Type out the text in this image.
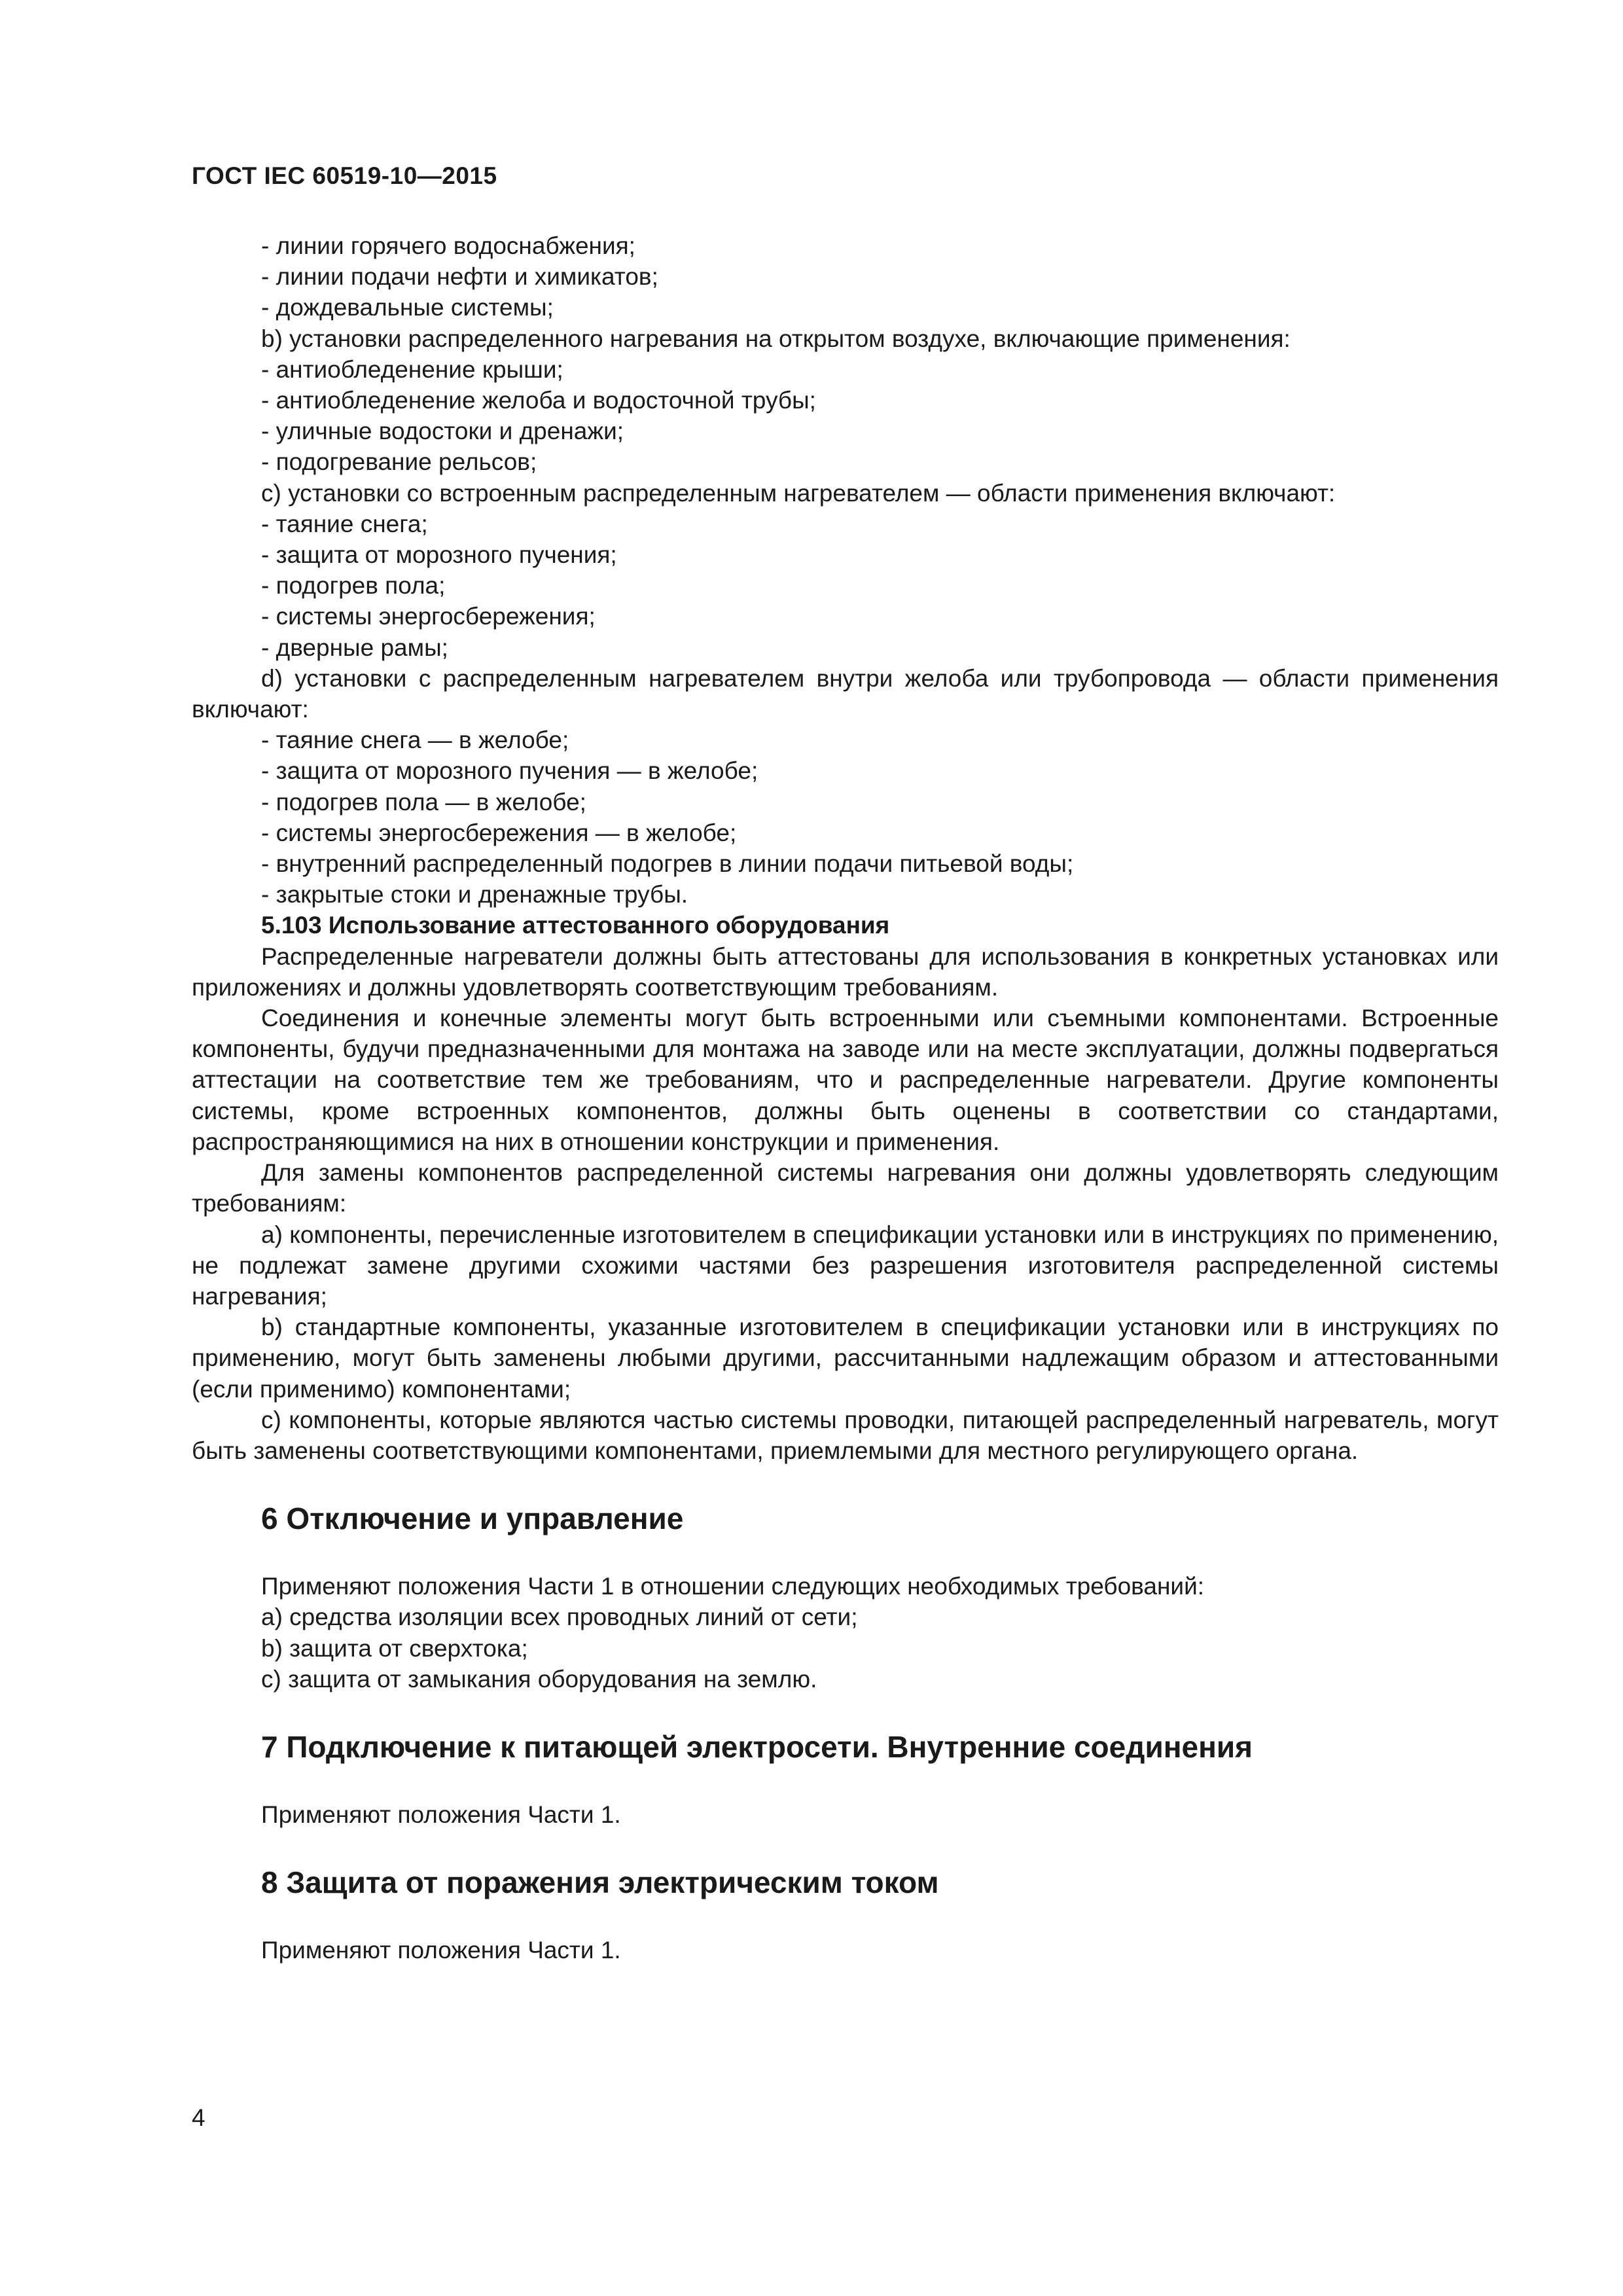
ГОСТ IEC 60519-10—2015
- линии горячего водоснабжения;
- линии подачи нефти и химикатов;
- дождевальные системы;
b) установки распределенного нагревания на открытом воздухе, включающие применения:
- антиобледенение крыши;
- антиобледенение желоба и водосточной трубы;
- уличные водостоки и дренажи;
- подогревание рельсов;
c) установки со встроенным распределенным нагревателем — области применения включают:
- таяние снега;
- защита от морозного пучения;
- подогрев пола;
- системы энергосбережения;
- дверные рамы;

d) установки с распределенным нагревателем внутри желоба или трубопровода — области применения включают:

- таяние снега — в желобе;
- защита от морозного пучения — в желобе;
- подогрев пола — в желобе;
- системы энергосбережения — в желобе;
- внутренний распределенный подогрев в линии подачи питьевой воды;
- закрытые стоки и дренажные трубы.
5.103 Использование аттестованного оборудования

Распределенные нагреватели должны быть аттестованы для использования в конкретных установках или приложениях и должны удовлетворять соответствующим требованиям.

Соединения и конечные элементы могут быть встроенными или съемными компонентами. Встроенные компоненты, будучи предназначенными для монтажа на заводе или на месте эксплуатации, должны подвергаться аттестации на соответствие тем же требованиям, что и распределенные нагреватели. Другие компоненты системы, кроме встроенных компонентов, должны быть оценены в соответствии со стандартами, распространяющимися на них в отношении конструкции и применения.

Для замены компонентов распределенной системы нагревания они должны удовлетворять следующим требованиям:

а) компоненты, перечисленные изготовителем в спецификации установки или в инструкциях по применению, не подлежат замене другими схожими частями без разрешения изготовителя распределенной системы нагревания;

b) стандартные компоненты, указанные изготовителем в спецификации установки или в инструкциях по применению, могут быть заменены любыми другими, рассчитанными надлежащим образом и аттестованными (если применимо) компонентами;

c) компоненты, которые являются частью системы проводки, питающей распределенный нагреватель, могут быть заменены соответствующими компонентами, приемлемыми для местного регулирующего органа.

6 Отключение и управление
Применяют положения Части 1 в отношении следующих необходимых требований:
а) средства изоляции всех проводных линий от сети;
b) защита от сверхтока;
c) защита от замыкания оборудования на землю.
7 Подключение к питающей электросети. Внутренние соединения
Применяют положения Части 1.
8 Защита от поражения электрическим током
Применяют положения Части 1.
4
